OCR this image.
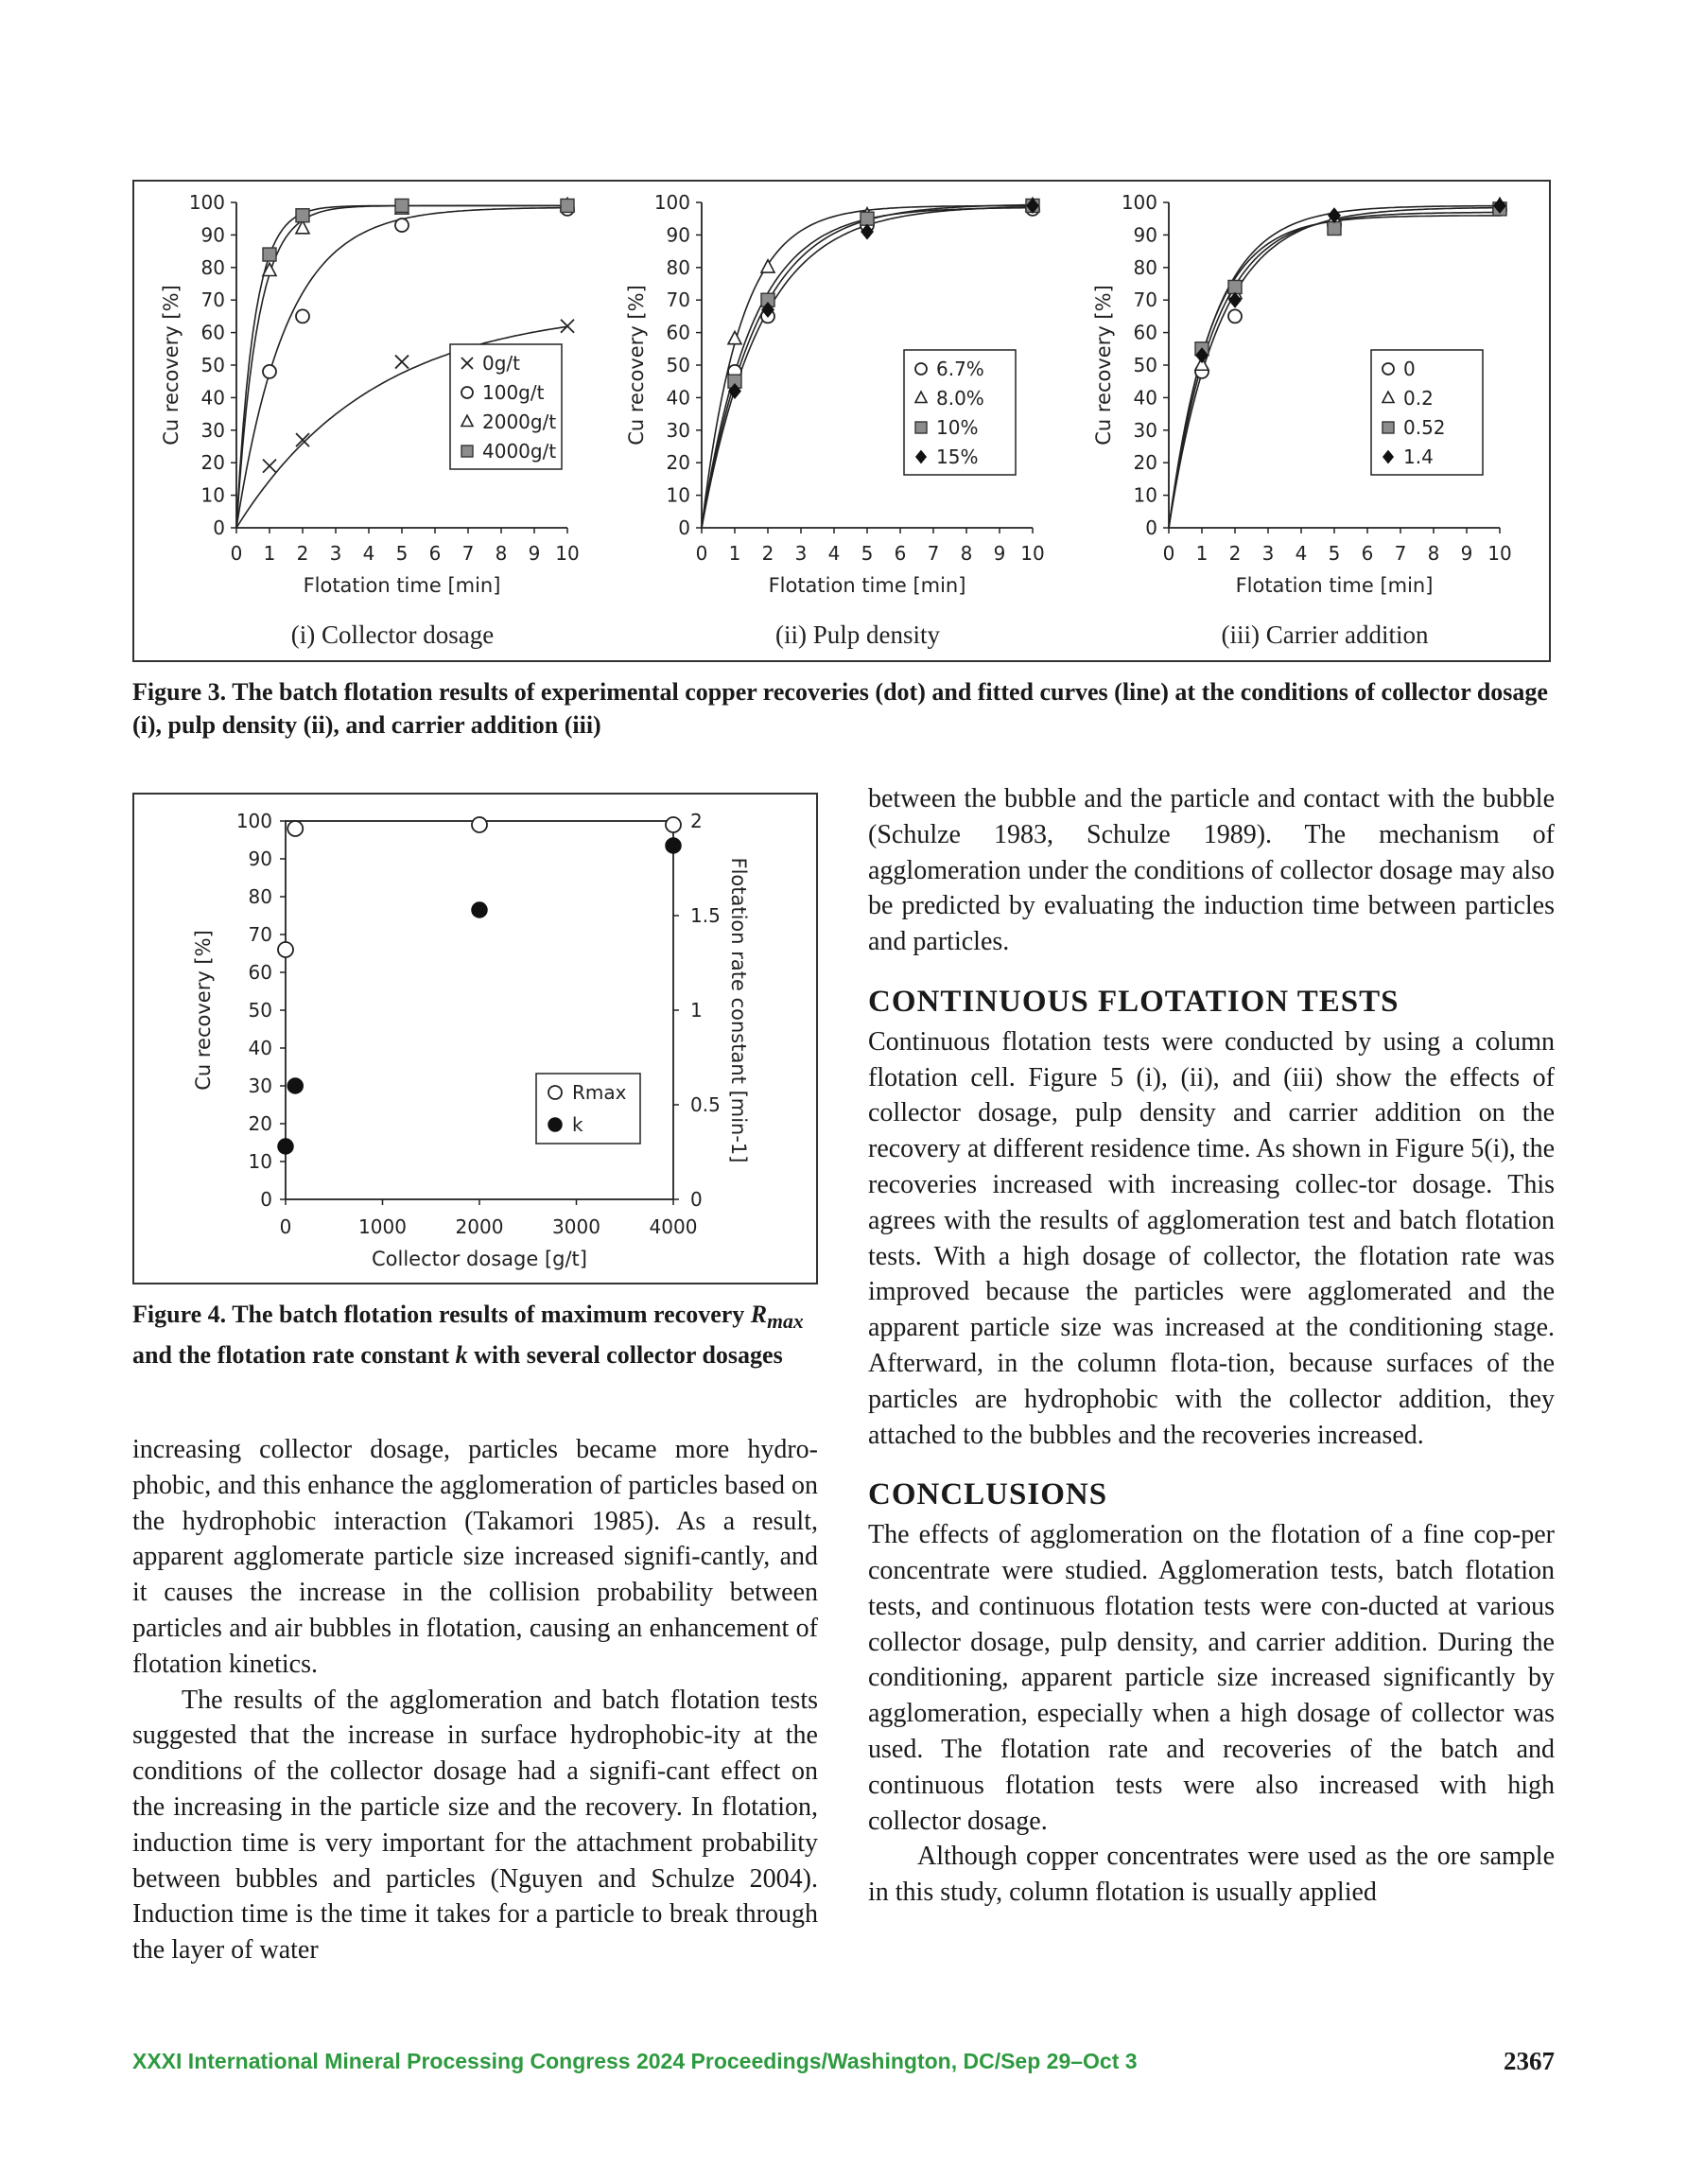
0
10
20
30
40
50
60
70
80
90
100
0 1 2 3 4 5 6 7 8 9 10
Flotation time [min]
Cu recovery [%]	0g/t
100g/t
2000g/t
4000g/t
(i) Collector dosage
0
10
20
30
40
50
60
70
80
90
100
0 1 2 3 4 5 6 7 8 9 10
Flotation time [min]
Cu recovery [%]	6.7%
8.0%
10%
15%
(ii) Pulp density
0
10
20
30
40
50
60
70
80
90
100
0 1 2 3 4 5 6 7 8 9 10
Flotation time [min]
Cu recovery [%]	0
0.2
0.52
1.4
(iii) Carrier addition
Figure 3. The batch flotation results of experimental copper recoveries (dot) and fitted curves (line) at the conditions of collector dosage (i), pulp density (ii), and carrier addition (iii)
0
10
20
30
40
50
60
70
80
90
100
0
0.5
1
1.5
2
0	1000	2000	3000	4000
Collector dosage [g/t]
Cu recovery [%]	Flotation rate constant [min-1]
Rmax
k
Figure 4. The batch flotation results of maximum recovery $R_{max}$ and the flotation rate constant k with several collector dosages

increasing collector dosage, particles became more hydro-phobic, and this enhance the agglomeration of particles based on the hydrophobic interaction (Takamori 1985). As a result, apparent agglomerate particle size increased signifi-cantly, and it causes the increase in the collision probability between particles and air bubbles in flotation, causing an enhancement of flotation kinetics.

The results of the agglomeration and batch flotation tests suggested that the increase in surface hydrophobic-ity at the conditions of the collector dosage had a signifi-cant effect on the increasing in the particle size and the recovery. In flotation, induction time is very important for the attachment probability between bubbles and particles (Nguyen and Schulze 2004). Induction time is the time it takes for a particle to break through the layer of water

between the bubble and the particle and contact with the bubble (Schulze 1983, Schulze 1989). The mechanism of agglomeration under the conditions of collector dosage may also be predicted by evaluating the induction time between particles and particles.

CONTINUOUS FLOTATION TESTS

Continuous flotation tests were conducted by using a column flotation cell. Figure 5 (i), (ii), and (iii) show the effects of collector dosage, pulp density and carrier addition on the recovery at different residence time. As shown in Figure 5(i), the recoveries increased with increasing collec-tor dosage. This agrees with the results of agglomeration test and batch flotation tests. With a high dosage of collector, the flotation rate was improved because the particles were agglomerated and the apparent particle size was increased at the conditioning stage. Afterward, in the column flota-tion, because surfaces of the particles are hydrophobic with the collector addition, they attached to the bubbles and the recoveries increased.

CONCLUSIONS

The effects of agglomeration on the flotation of a fine cop-per concentrate were studied. Agglomeration tests, batch flotation tests, and continuous flotation tests were con-ducted at various collector dosage, pulp density, and carrier addition. During the conditioning, apparent particle size increased significantly by agglomeration, especially when a high dosage of collector was used. The flotation rate and recoveries of the batch and continuous flotation tests were also increased with high collector dosage.

Although copper concentrates were used as the ore sample in this study, column flotation is usually applied

XXXI International Mineral Processing Congress 2024 Proceedings/Washington, DC/Sep 29–Oct 3	2367
